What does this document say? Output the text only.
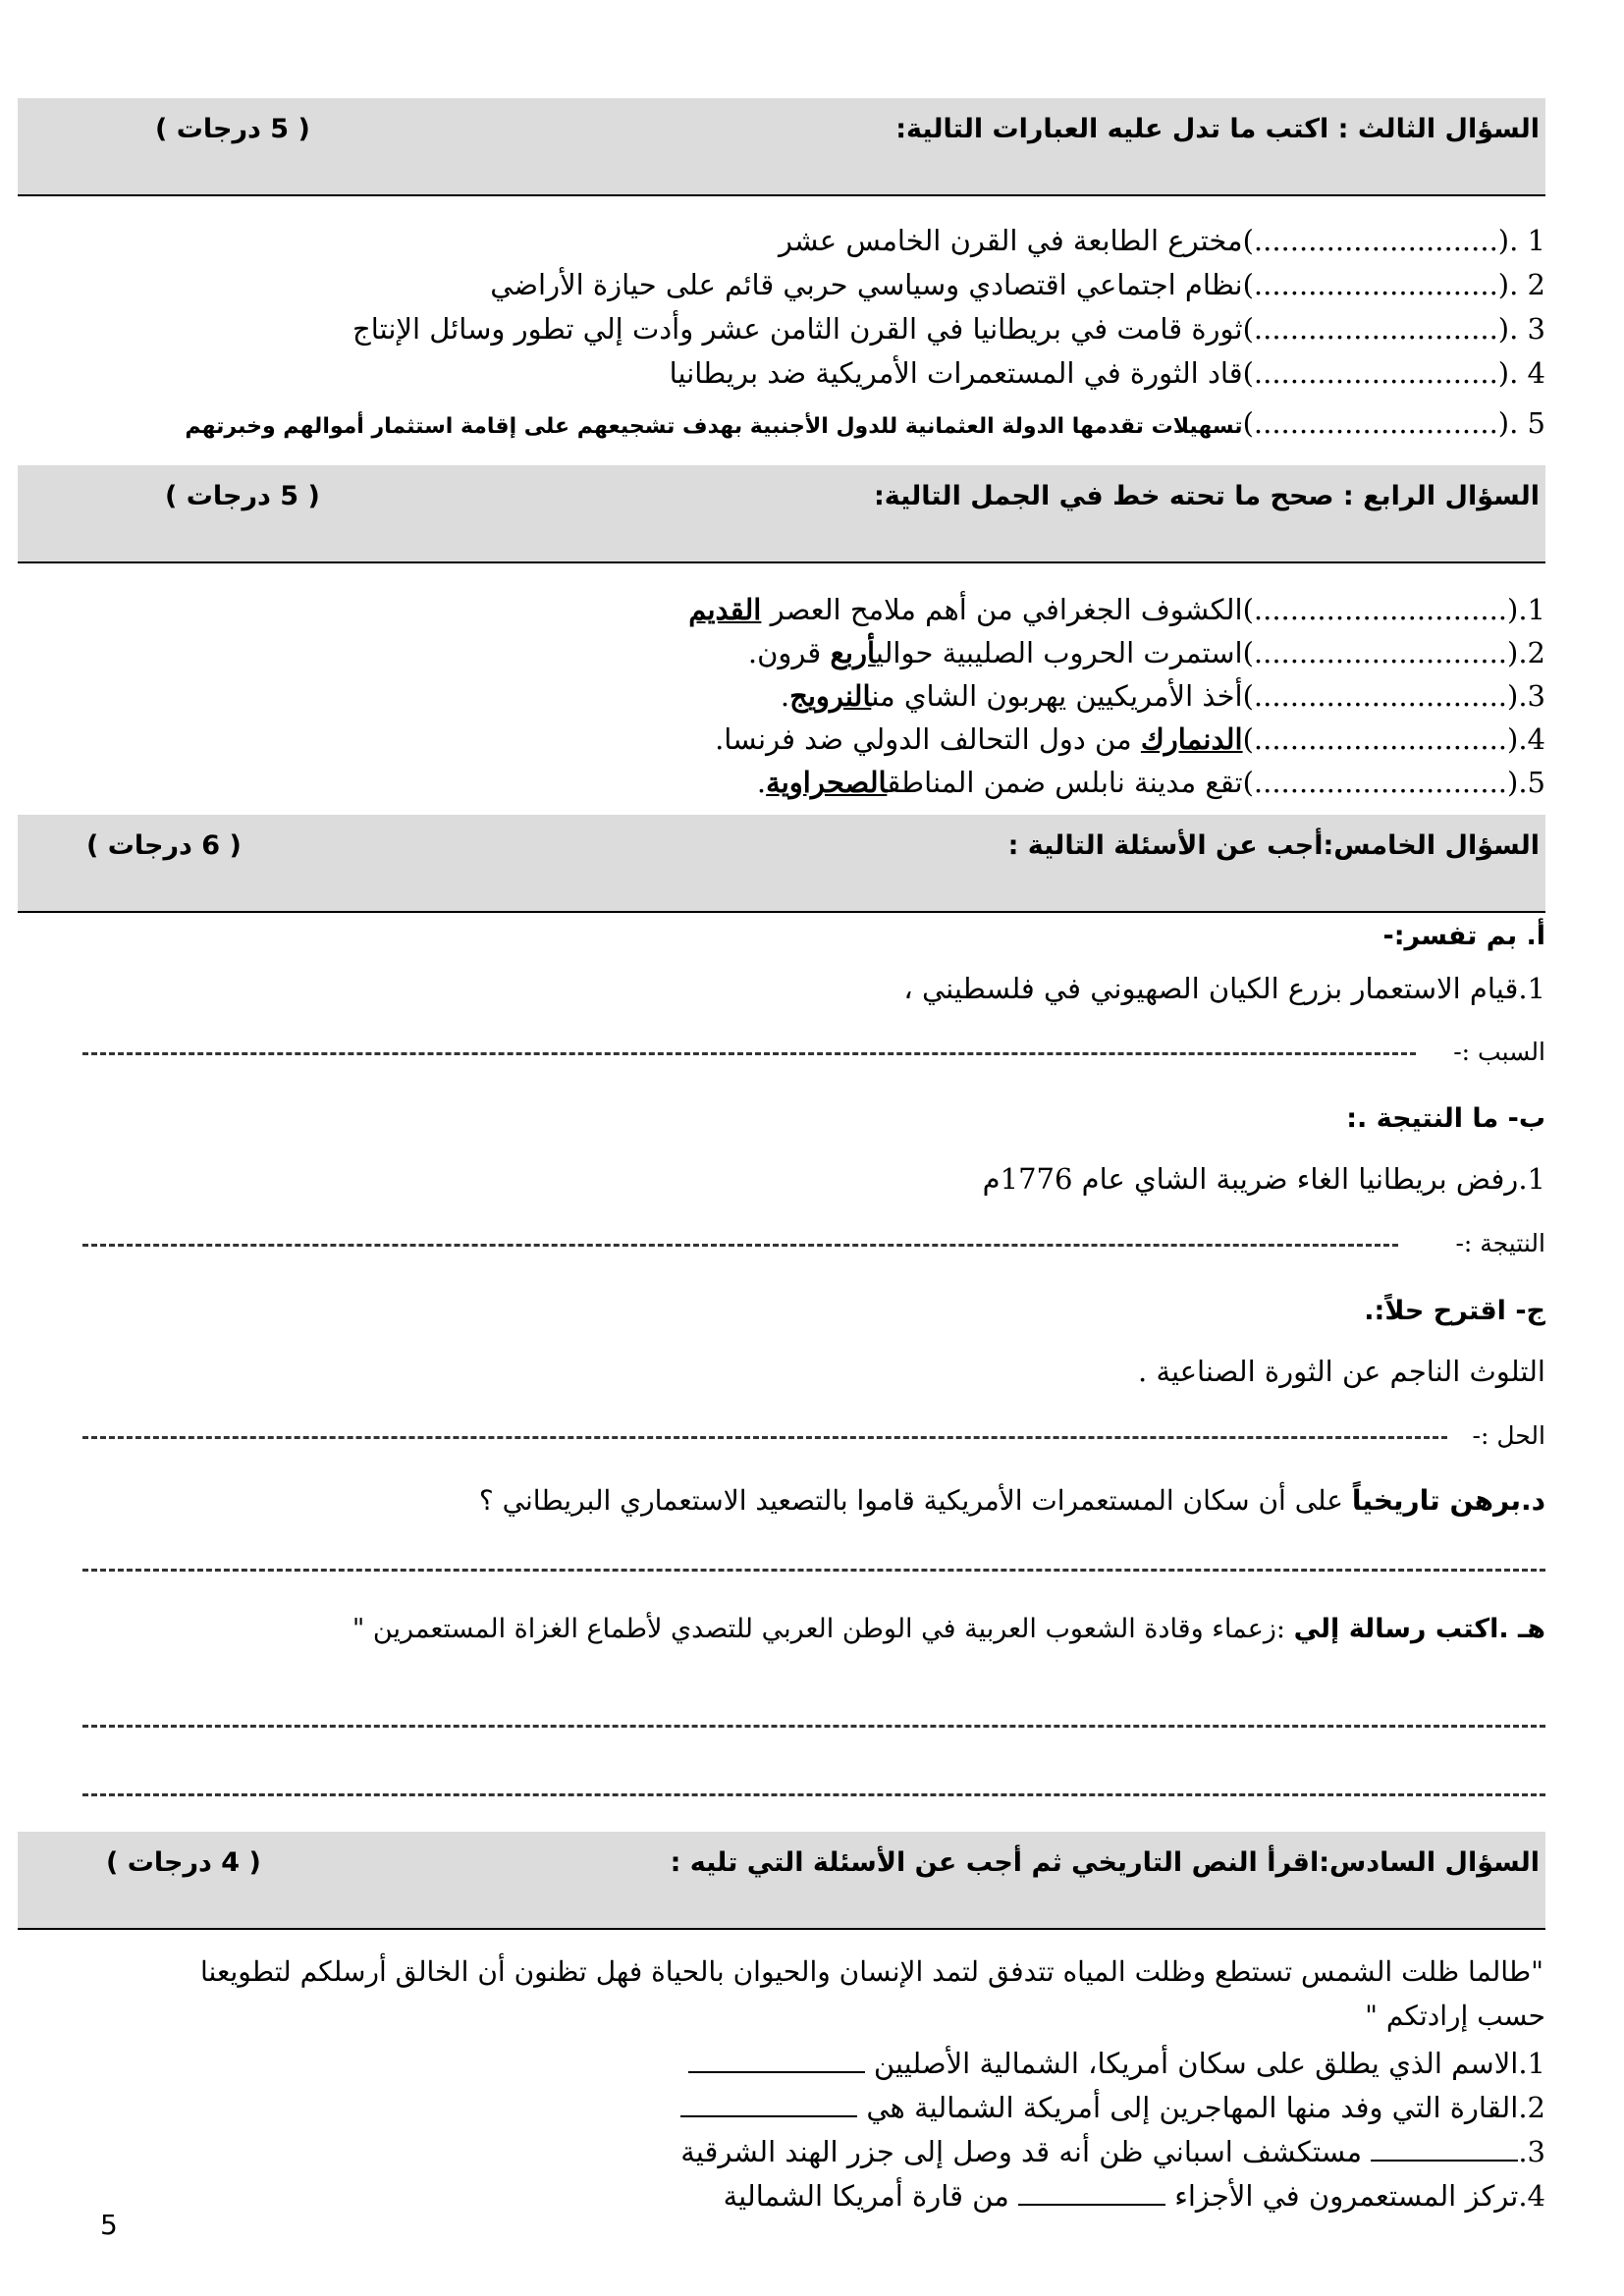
السؤال الثالث : اكتب ما تدل عليه العبارات التالية:
( 5 درجات )
1 .(...........................)مخترع الطابعة في القرن الخامس عشر
2 .(...........................)نظام اجتماعي اقتصادي وسياسي حربي قائم على حيازة الأراضي
3 .(...........................)ثورة قامت في بريطانيا في القرن الثامن عشر وأدت إلي تطور وسائل الإنتاج
4 .(...........................)قاد الثورة في المستعمرات الأمريكية ضد بريطانيا
5 .(...........................)تسهيلات تقدمها الدولة العثمانية للدول الأجنبية بهدف تشجيعهم على إقامة استثمار أموالهم وخبرتهم
السؤال الرابع : صحح ما تحته خط في الجمل التالية:
( 5 درجات )
1.(............................)الكشوف الجغرافي من أهم ملامح العصر القديم
2.(............................)استمرت الحروب الصليبية حواليأربع قرون.
3.(............................)أخذ الأمريكيين يهربون الشاي منالنرويج.
4.(............................)الدنمارك من دول التحالف الدولي ضد فرنسا.
5.(............................)تقع مدينة نابلس ضمن المناطقالصحراوية.
السؤال الخامس:أجب عن الأسئلة التالية :
( 6 درجات )
أ. بم تفسر:-
1.قيام الاستعمار بزرع الكيان الصهيوني في فلسطيني ،
السبب :-
ب- ما النتيجة .:
1.رفض بريطانيا الغاء ضريبة الشاي عام 1776م
النتيجة :-
ج- اقترح حلاً:.
التلوث الناجم عن الثورة الصناعية .
الحل :-
د.برهن تاريخياً على أن سكان المستعمرات الأمريكية قاموا بالتصعيد الاستعماري البريطاني ؟
هـ .اكتب رسالة إلي :زعماء وقادة الشعوب العربية في الوطن العربي للتصدي لأطماع الغزاة المستعمرين "
السؤال السادس:اقرأ النص التاريخي ثم أجب عن الأسئلة التي تليه :
( 4 درجات )
"طالما ظلت الشمس تستطع وظلت المياه تتدفق لتمد الإنسان والحيوان بالحياة فهل تظنون أن الخالق أرسلكم لتطويعنا
حسب إرادتكم "
1.الاسم الذي يطلق على سكان أمريكا، الشمالية الأصليين
2.القارة التي وفد منها المهاجرين إلى أمريكة الشمالية هي
3. مستكشف اسباني ظن أنه قد وصل إلى جزر الهند الشرقية
4.تركز المستعمرون في الأجزاء  من قارة أمريكا الشمالية
5
